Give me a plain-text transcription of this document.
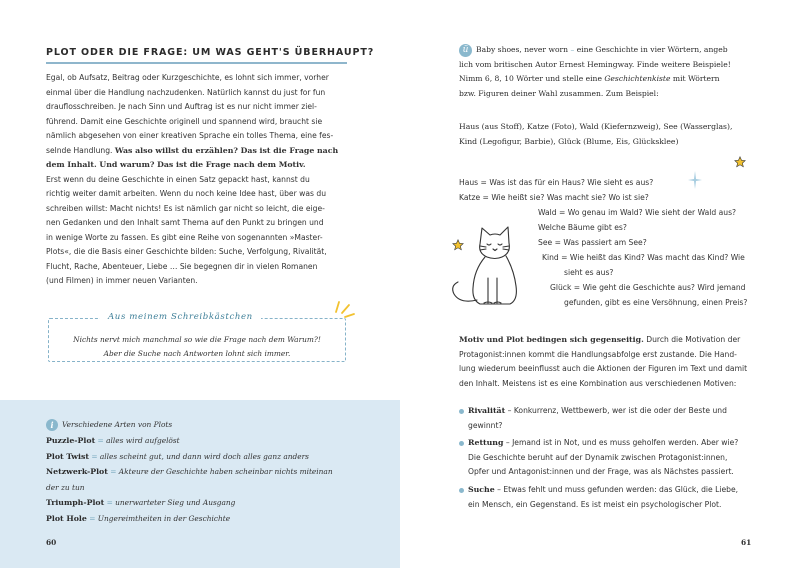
PLOT ODER DIE FRAGE: UM WAS GEHT'S ÜBERHAUPT?

Egal, ob Aufsatz, Beitrag oder Kurzgeschichte, es lohnt sich immer, vorher
einmal über die Handlung nachzudenken. Natürlich kannst du just for fun
drauflosschreiben. Je nach Sinn und Auftrag ist es nur nicht immer ziel-
führend. Damit eine Geschichte originell und spannend wird, braucht sie
nämlich abgesehen von einer kreativen Sprache ein tolles Thema, eine fes-
selnde Handlung. Was also willst du erzählen? Das ist die Frage nach
dem Inhalt. Und warum? Das ist die Frage nach dem Motiv.
Erst wenn du deine Geschichte in einen Satz gepackt hast, kannst du
richtig weiter damit arbeiten. Wenn du noch keine Idee hast, über was du
schreiben willst: Macht nichts! Es ist nämlich gar nicht so leicht, die eige-
nen Gedanken und den Inhalt samt Thema auf den Punkt zu bringen und
in wenige Worte zu fassen. Es gibt eine Reihe von sogenannten »Master-
Plots«, die die Basis einer Geschichte bilden: Suche, Verfolgung, Rivalität,
Flucht, Rache, Abenteuer, Liebe … Sie begegnen dir in vielen Romanen
(und Filmen) in immer neuen Varianten.

Aus meinem Schreibkästchen
Nichts nervt mich manchmal so wie die Frage nach dem Warum?!
Aber die Suche nach Antworten lohnt sich immer.
i	Verschiedene Arten von Plots
Puzzle-Plot = alles wird aufgelöst
Plot Twist = alles scheint gut, und dann wird doch alles ganz anders
Netzwerk-Plot = Akteure der Geschichte haben scheinbar nichts miteinan
der zu tun
Triumph-Plot = unerwarteter Sieg und Ausgang
Plot Hole = Ungereimtheiten in der Geschichte
60
ü	Baby shoes, never worn – eine Geschichte in vier Wörtern, angeb
lich vom britischen Autor Ernest Hemingway. Finde weitere Beispiele!
Nimm 6, 8, 10 Wörter und stelle eine Geschichtenkiste mit Wörtern
bzw. Figuren deiner Wahl zusammen. Zum Beispiel:

Haus (aus Stoff), Katze (Foto), Wald (Kiefernzweig), See (Wasserglas),
Kind (Legofigur, Barbie), Glück (Blume, Eis, Glücksklee)

Haus = Was ist das für ein Haus? Wie sieht es aus?

Katze = Wie heißt sie? Was macht sie? Wo ist sie?

Wald = Wo genau im Wald? Wie sieht der Wald aus?

Welche Bäume gibt es?

See = Was passiert am See?

Kind = Wie heißt das Kind? Was macht das Kind? Wie

sieht es aus?

Glück = Wie geht die Geschichte aus? Wird jemand

gefunden, gibt es eine Versöhnung, einen Preis?

Motiv und Plot bedingen sich gegenseitig. Durch die Motivation der
Protagonist:innen kommt die Handlungsabfolge erst zustande. Die Hand-
lung wiederum beeinflusst auch die Aktionen der Figuren im Text und damit
den Inhalt. Meistens ist es eine Kombination aus verschiedenen Motiven:

Rivalität – Konkurrenz, Wettbewerb, wer ist die oder der Beste und
gewinnt?
Rettung – Jemand ist in Not, und es muss geholfen werden. Aber wie?
Die Geschichte beruht auf der Dynamik zwischen Protagonist:innen,
Opfer und Antagonist:innen und der Frage, was als Nächstes passiert.
Suche – Etwas fehlt und muss gefunden werden: das Glück, die Liebe,
ein Mensch, ein Gegenstand. Es ist meist ein psychologischer Plot.
61
